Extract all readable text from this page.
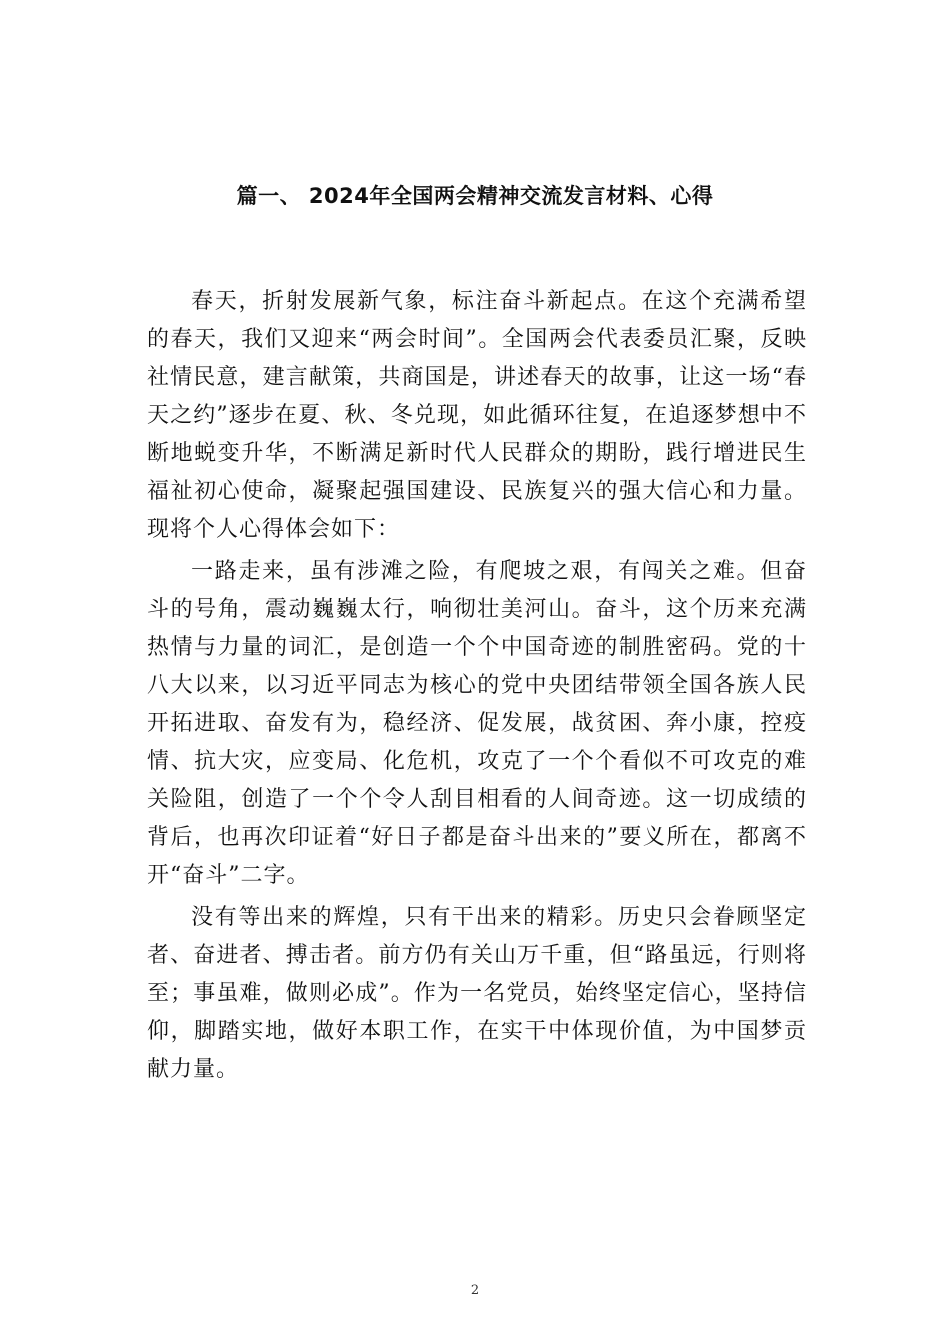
篇一、 2024年全国两会精神交流发言材料、心得

春天，折射发展新气象，标注奋斗新起点。在这个充满希望的春天，我们又迎来“两会时间”。全国两会代表委员汇聚，反映社情民意，建言献策，共商国是，讲述春天的故事，让这一场“春天之约”逐步在夏、秋、冬兑现，如此循环往复，在追逐梦想中不断地蜕变升华，不断满足新时代人民群众的期盼，践行增进民生福祉初心使命，凝聚起强国建设、民族复兴的强大信心和力量。现将个人心得体会如下：

一路走来，虽有涉滩之险，有爬坡之艰，有闯关之难。但奋斗的号角，震动巍巍太行，响彻壮美河山。奋斗，这个历来充满热情与力量的词汇，是创造一个个中国奇迹的制胜密码。党的十八大以来，以习近平同志为核心的党中央团结带领全国各族人民开拓进取、奋发有为，稳经济、促发展，战贫困、奔小康，控疫情、抗大灾，应变局、化危机，攻克了一个个看似不可攻克的难关险阻，创造了一个个令人刮目相看的人间奇迹。这一切成绩的背后，也再次印证着“好日子都是奋斗出来的”要义所在，都离不开“奋斗”二字。

没有等出来的辉煌，只有干出来的精彩。历史只会眷顾坚定者、奋进者、搏击者。前方仍有关山万千重，但“路虽远，行则将至；事虽难，做则必成”。作为一名党员，始终坚定信心，坚持信仰，脚踏实地，做好本职工作，在实干中体现价值，为中国梦贡献力量。

2
